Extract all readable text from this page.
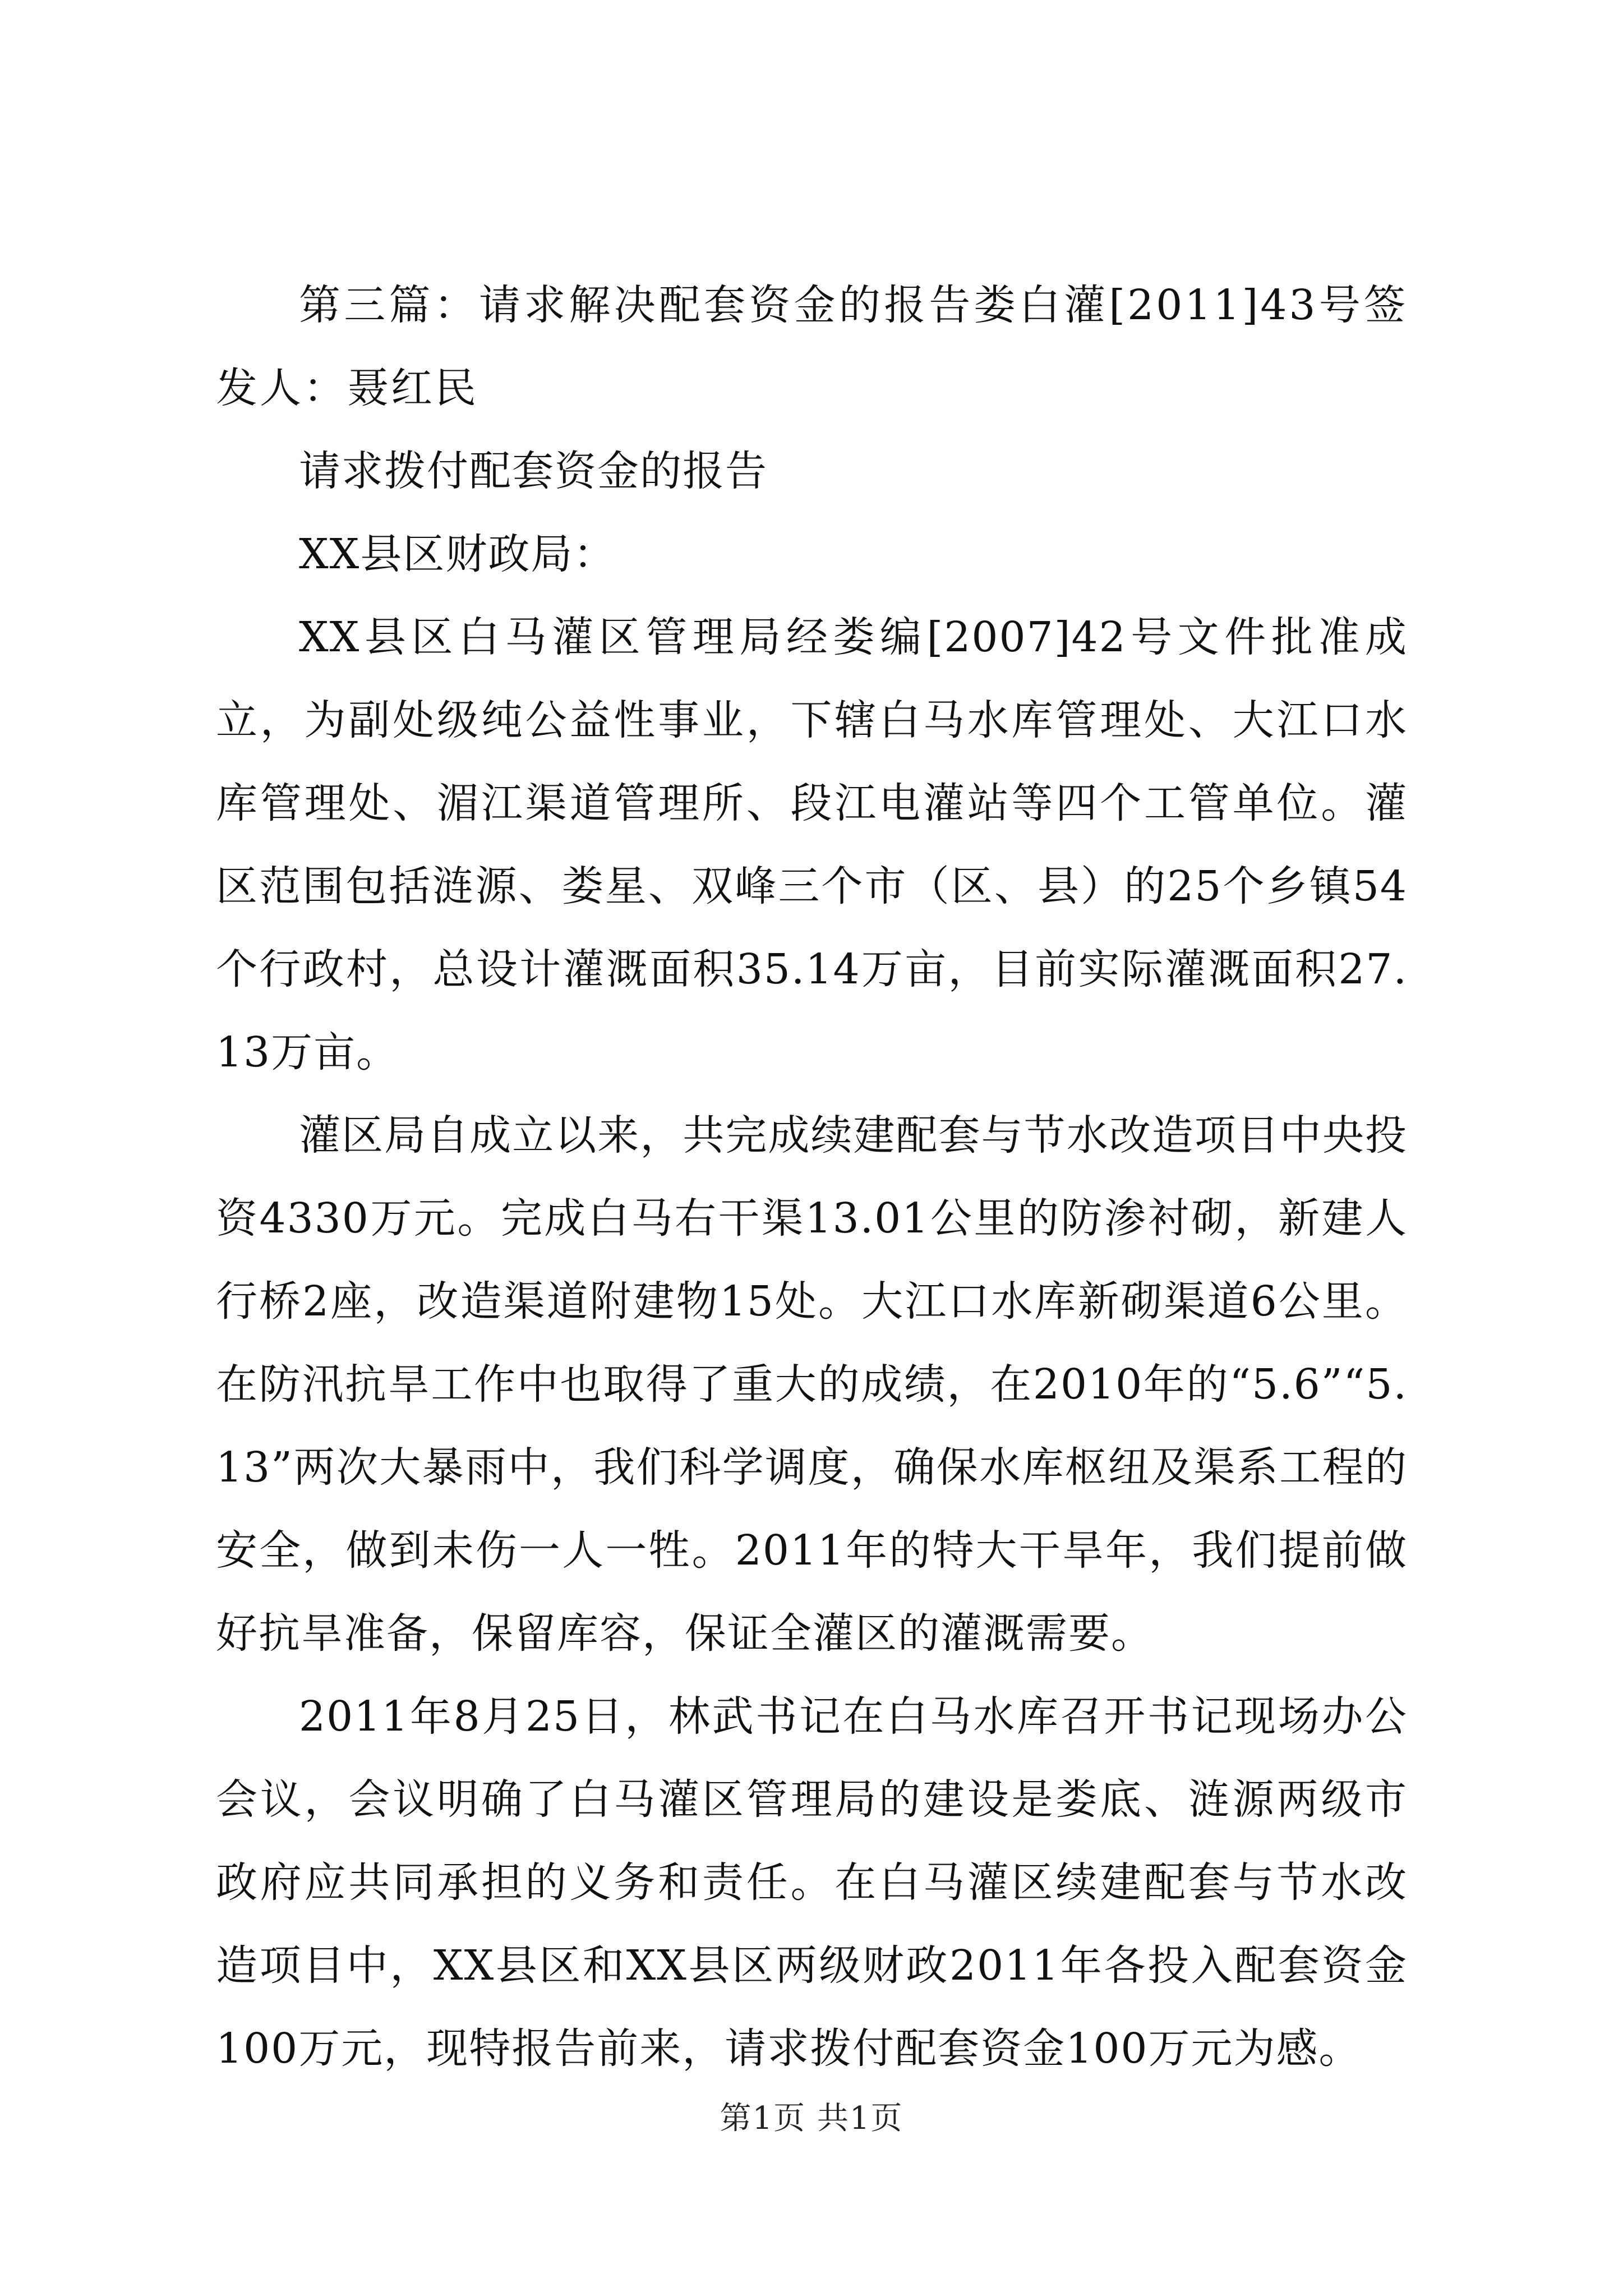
第三篇：请求解决配套资金的报告娄白灌[2011]43号签发人：聂红民

请求拨付配套资金的报告

XX县区财政局：

XX县区白马灌区管理局经娄编[2007]42号文件批准成立，为副处级纯公益性事业，下辖白马水库管理处、大江口水库管理处、湄江渠道管理所、段江电灌站等四个工管单位。灌区范围包括涟源、娄星、双峰三个市（区、县）的25个乡镇54个行政村，总设计灌溉面积35.14万亩，目前实际灌溉面积27.13万亩。

灌区局自成立以来，共完成续建配套与节水改造项目中央投资4330万元。完成白马右干渠13.01公里的防渗衬砌，新建人行桥2座，改造渠道附建物15处。大江口水库新砌渠道6公里。在防汛抗旱工作中也取得了重大的成绩，在2010年的“5.6”“5.13”两次大暴雨中，我们科学调度，确保水库枢纽及渠系工程的安全，做到未伤一人一牲。2011年的特大干旱年，我们提前做好抗旱准备，保留库容，保证全灌区的灌溉需要。

2011年8月25日，林武书记在白马水库召开书记现场办公会议，会议明确了白马灌区管理局的建设是娄底、涟源两级市政府应共同承担的义务和责任。在白马灌区续建配套与节水改造项目中，XX县区和XX县区两级财政2011年各投入配套资金100万元，现特报告前来，请求拨付配套资金100万元为感。

第1页 共1页
